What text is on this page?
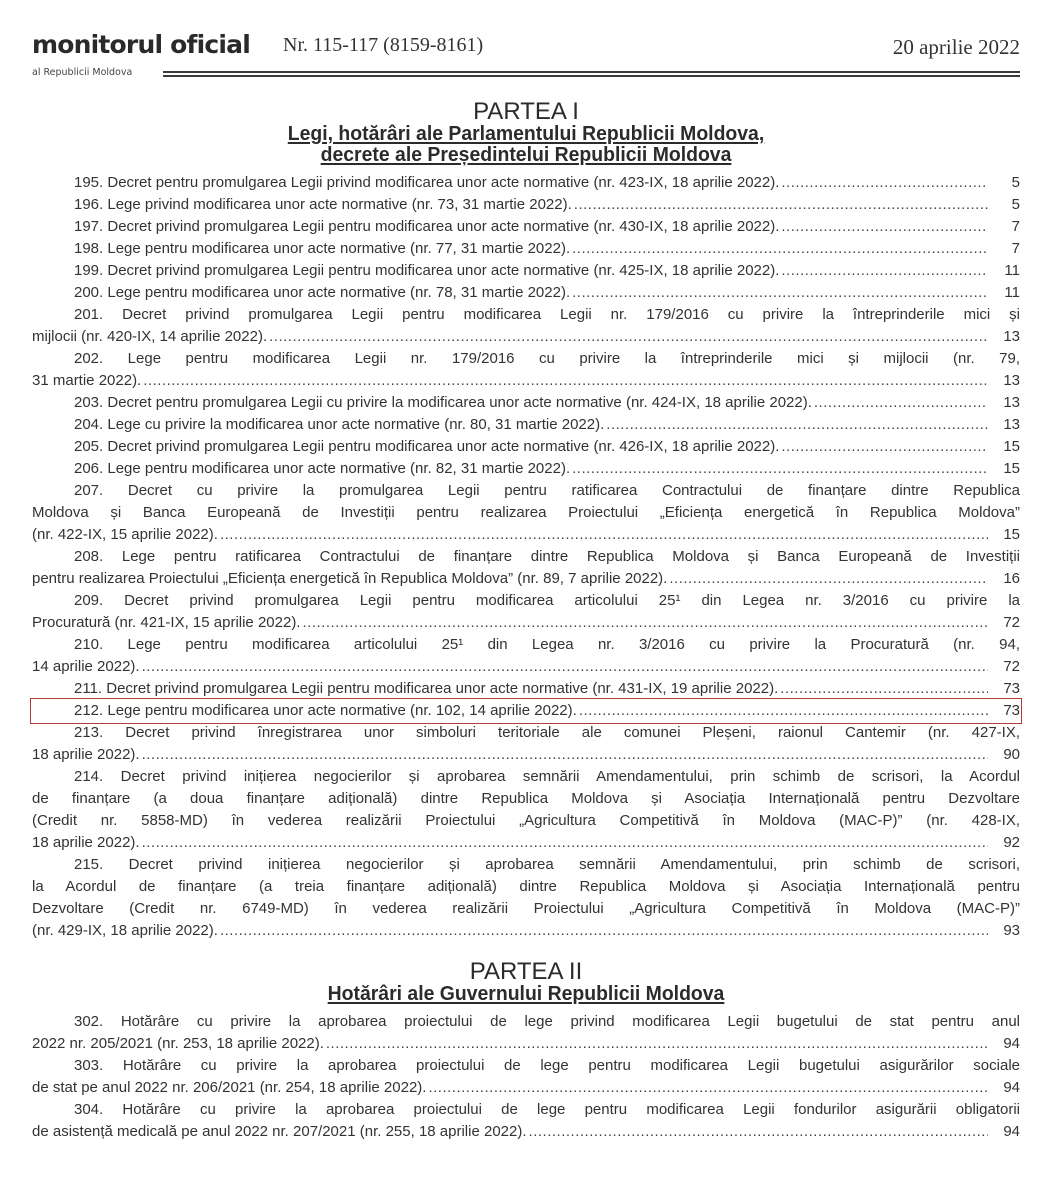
monitorul oficial Nr. 115-117 (8159-8161)	20 aprilie 2022
al Republicii Moldova
PARTEA I
Legi, hotărâri ale Parlamentului Republicii Moldova,
decrete ale Președintelui Republicii Moldova
195. Decret pentru promulgarea Legii privind modificarea unor acte normative (nr. 423-IX, 18 aprilie 2022). .....	5
196. Lege privind modificarea unor acte normative (nr. 73, 31 martie 2022). .....	5
197. Decret privind promulgarea Legii pentru modificarea unor acte normative (nr. 430-IX, 18 aprilie 2022). .....	7
198. Lege pentru modificarea unor acte normative (nr. 77, 31 martie 2022). .....	7
199. Decret privind promulgarea Legii pentru modificarea unor acte normative (nr. 425-IX, 18 aprilie 2022). .....	11
200. Lege pentru modificarea unor acte normative (nr. 78, 31 martie 2022). .....	11
201. Decret privind promulgarea Legii pentru modificarea Legii nr. 179/2016 cu privire la întreprinderile mici și
mijlocii (nr. 420-IX, 14 aprilie 2022). .....	13
202. Lege pentru modificarea Legii nr. 179/2016 cu privire la întreprinderile mici și mijlocii (nr. 79,
31 martie 2022). .....	13
203. Decret pentru promulgarea Legii cu privire la modificarea unor acte normative (nr. 424-IX, 18 aprilie 2022). .....	13
204. Lege cu privire la modificarea unor acte normative (nr. 80, 31 martie 2022). .....	13
205. Decret privind promulgarea Legii pentru modificarea unor acte normative (nr. 426-IX, 18 aprilie 2022). .....	15
206. Lege pentru modificarea unor acte normative (nr. 82, 31 martie 2022). .....	15
207. Decret cu privire la promulgarea Legii pentru ratificarea Contractului de finanțare dintre Republica
Moldova și Banca Europeană de Investiții pentru realizarea Proiectului „Eficiența energetică în Republica Moldova”
(nr. 422-IX, 15 aprilie 2022). .....	15
208. Lege pentru ratificarea Contractului de finanțare dintre Republica Moldova și Banca Europeană de Investiții
pentru realizarea Proiectului „Eficiența energetică în Republica Moldova” (nr. 89, 7 aprilie 2022). .....	16
209. Decret privind promulgarea Legii pentru modificarea articolului 25¹ din Legea nr. 3/2016 cu privire la
Procuratură (nr. 421-IX, 15 aprilie 2022). .....	72
210. Lege pentru modificarea articolului 25¹ din Legea nr. 3/2016 cu privire la Procuratură (nr. 94,
14 aprilie 2022). .....	72
211. Decret privind promulgarea Legii pentru modificarea unor acte normative (nr. 431-IX, 19 aprilie 2022). .....	73
212. Lege pentru modificarea unor acte normative (nr. 102, 14 aprilie 2022). .....	73
213. Decret privind înregistrarea unor simboluri teritoriale ale comunei Pleșeni, raionul Cantemir (nr. 427-IX,
18 aprilie 2022). .....	90
214. Decret privind inițierea negocierilor și aprobarea semnării Amendamentului, prin schimb de scrisori, la Acordul
de finanțare (a doua finanțare adițională) dintre Republica Moldova și Asociația Internațională pentru Dezvoltare
(Credit nr. 5858-MD) în vederea realizării Proiectului „Agricultura Competitivă în Moldova (MAC-P)” (nr. 428-IX,
18 aprilie 2022). .....	92
215. Decret privind inițierea negocierilor și aprobarea semnării Amendamentului, prin schimb de scrisori,
la Acordul de finanțare (a treia finanțare adițională) dintre Republica Moldova și Asociația Internațională pentru
Dezvoltare (Credit nr. 6749-MD) în vederea realizării Proiectului „Agricultura Competitivă în Moldova (MAC-P)”
(nr. 429-IX, 18 aprilie 2022). .....	93
PARTEA II
Hotărâri ale Guvernului Republicii Moldova
302. Hotărâre cu privire la aprobarea proiectului de lege privind modificarea Legii bugetului de stat pentru anul
2022 nr. 205/2021 (nr. 253, 18 aprilie 2022). .....	94
303. Hotărâre cu privire la aprobarea proiectului de lege pentru modificarea Legii bugetului asigurărilor sociale
de stat pe anul 2022 nr. 206/2021 (nr. 254, 18 aprilie 2022). .....	94
304. Hotărâre cu privire la aprobarea proiectului de lege pentru modificarea Legii fondurilor asigurării obligatorii
de asistență medicală pe anul 2022 nr. 207/2021 (nr. 255, 18 aprilie 2022). .....	94
